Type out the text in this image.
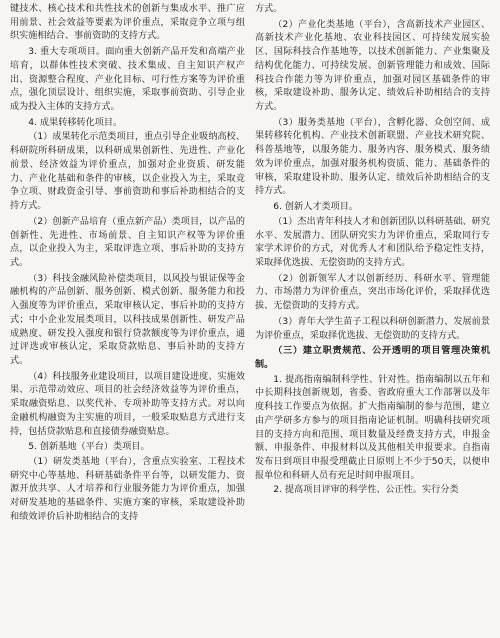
键技术、核心技术和共性技术的创新与集成水平、推广应用前景、社会效益等要素为评价重点，采取竞争立项与组织实施相结合、事前资助的支持方式。

3. 重大专项项目。面向重大创新产品开发和高端产业培育，以群体性技术突破、技术集成、自主知识产权产出、资源整合程度、产业化目标、可行性方案等为评价重点，强化顶层设计、组织实施，采取事前资助、引导企业成为投入主体的支持方式。

4. 成果转移转化项目。

（1）成果转化示范类项目，重点引导企业吸纳高校、科研院所科研成果，以科研成果创新性、先进性、产业化前景、经济效益为评价重点，加强对企业资质、研发能力、产业化基础和条件的审核，以企业投入为主，采取竞争立项、财政资金引导、事前资助和事后补助相结合的支持方式。

（2）创新产品培育（重点新产品）类项目，以产品的创新性、先进性、市场前景、自主知识产权等为评价重点，以企业投入为主，采取评选立项、事后补助的支持方式。

（3）科技金融风险补偿类项目，以风投与银证保等金融机构的产品创新、服务创新、模式创新、服务能力和投入强度等为评价重点，采取审核认定、事后补助的支持方式；中小企业发展类项目，以科技成果创新性、研发产品成熟度、研发投入强度和银行贷款额度等为评价重点，通过评选或审核认定，采取贷款贴息、事后补助的支持方式。

（4）科技服务业建设项目，以项目建设进度、实施效果、示范带动效应、项目的社会经济效益等为评价重点，采取融资贴息、以奖代补、专项补助等支持方式。对以向金融机构融资为主实施的项目，一般采取贴息方式进行支持，包括贷款贴息和直接债券融资贴息。

5. 创新基地（平台）类项目。

（1）研发类基地（平台），含重点实验室、工程技术研究中心等基地、科研基础条件平台等，以研发能力、资源开放共享、人才培养和行业服务能力为评价重点，加强对研发基地的基础条件、实施方案的审核，采取建设补助和绩效评价后补助相结合的支持

方式。

（2）产业化类基地（平台），含高新技术产业园区、高新技术产业化基地、农业科技园区、可持续发展实验区、国际科技合作基地等，以技术创新能力、产业集聚及结构优化能力、可持续发展、创新管理能力和成效、国际科技合作能力等为评价重点，加强对园区基础条件的审核，采取建设补助、服务认定、绩效后补助相结合的支持方式。

（3）服务类基地（平台），含孵化器、众创空间、成果转移转化机构、产业技术创新联盟、产业技术研究院、科普基地等，以服务能力、服务内容、服务模式、服务绩效为评价重点，加强对服务机构资质、能力、基础条件的审核，采取建设补助、服务认定、绩效后补助相结合的支持方式。

6. 创新人才类项目。

（1）杰出青年科技人才和创新团队以科研基础、研究水平、发展潜力、团队研究实力为评价重点，采取同行专家学术评价的方式，对优秀人才和团队给予稳定性支持，采取择优选拔、无偿资助的支持方式。

（2）创新领军人才以创新经历、科研水平、管理能力、市场潜力为评价重点，突出市场化评价，采取择优选拔、无偿资助的支持方式。

（3）青年大学生苗子工程以科研创新潜力、发展前景为评价重点，采取择优选拔、无偿资助的支持方式。

（三）建立职责规范、公开透明的项目管理决策机制。

1. 提高指南编制科学性、针对性。指南编制以五年和中长期科技创新规划，省委、省政府重大工作部署以及年度科技工作要点为依据。扩大指南编制的参与范围，建立由产学研多方参与的项目指南论证机制。明确科技研究项目的支持方向和范围、项目数量及经费支持方式，申报金额、申报条件、申报材料以及其他相关申报要求。自指南发布日到项目申报受理截止日原则上不少于50天，以便申报单位和科研人员有充足时间申报项目。

2. 提高项目评审的科学性、公正性。实行分类
